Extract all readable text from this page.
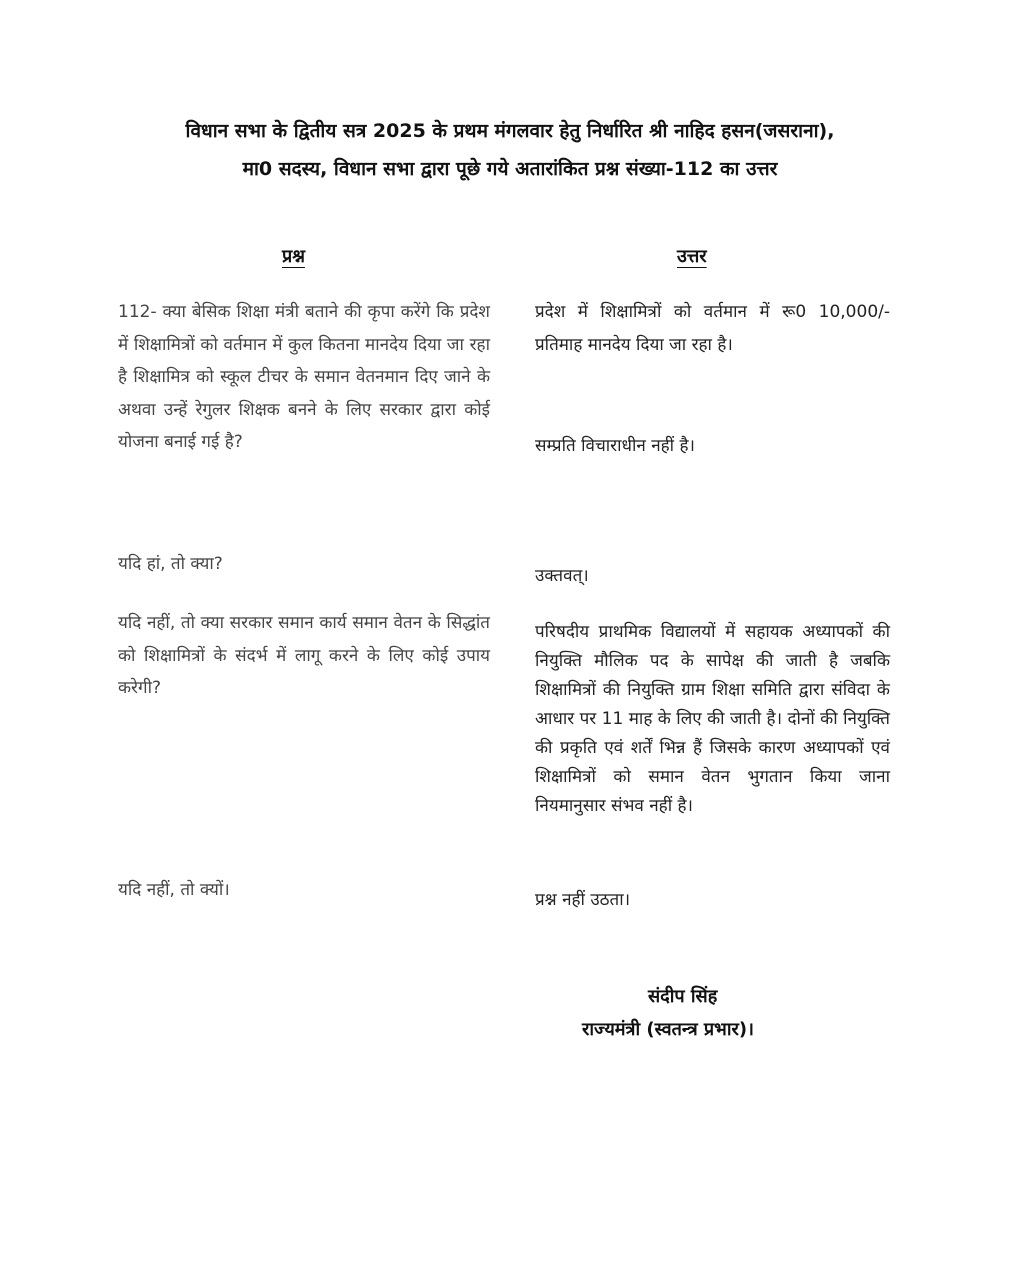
विधान सभा के द्वितीय सत्र 2025 के प्रथम मंगलवार हेतु निर्धारित श्री नाहिद हसन(जसराना),
मा0 सदस्य, विधान सभा द्वारा पूछे गये अतारांकित प्रश्न संख्या-112 का उत्तर
प्रश्न	उत्तर
112- क्या बेसिक शिक्षा मंत्री बताने की कृपा करेंगे कि प्रदेश में शिक्षामित्रों को वर्तमान में कुल कितना मानदेय दिया जा रहा है शिक्षामित्र को स्कूल टीचर के समान वेतनमान दिए जाने के अथवा उन्हें रेगुलर शिक्षक बनने के लिए सरकार द्वारा कोई योजना बनाई गई है?
यदि हां, तो क्या?
यदि नहीं, तो क्या सरकार समान कार्य समान वेतन के सिद्धांत को शिक्षामित्रों के संदर्भ में लागू करने के लिए कोई उपाय करेगी?
यदि नहीं, तो क्यों।
प्रदेश में शिक्षामित्रों को वर्तमान में रू0 10,000/- प्रतिमाह मानदेय दिया जा रहा है।
सम्प्रति विचाराधीन नहीं है।
उक्तवत्।
परिषदीय प्राथमिक विद्यालयों में सहायक अध्यापकों की नियुक्ति मौलिक पद के सापेक्ष की जाती है जबकि शिक्षामित्रों की नियुक्ति ग्राम शिक्षा समिति द्वारा संविदा के आधार पर 11 माह के लिए की जाती है। दोनों की नियुक्ति की प्रकृति एवं शर्तें भिन्न हैं जिसके कारण अध्यापकों एवं शिक्षामित्रों को समान वेतन भुगतान किया जाना नियमानुसार संभव नहीं है।
प्रश्न नहीं उठता।
संदीप सिंह
राज्यमंत्री (स्वतन्त्र प्रभार)।
